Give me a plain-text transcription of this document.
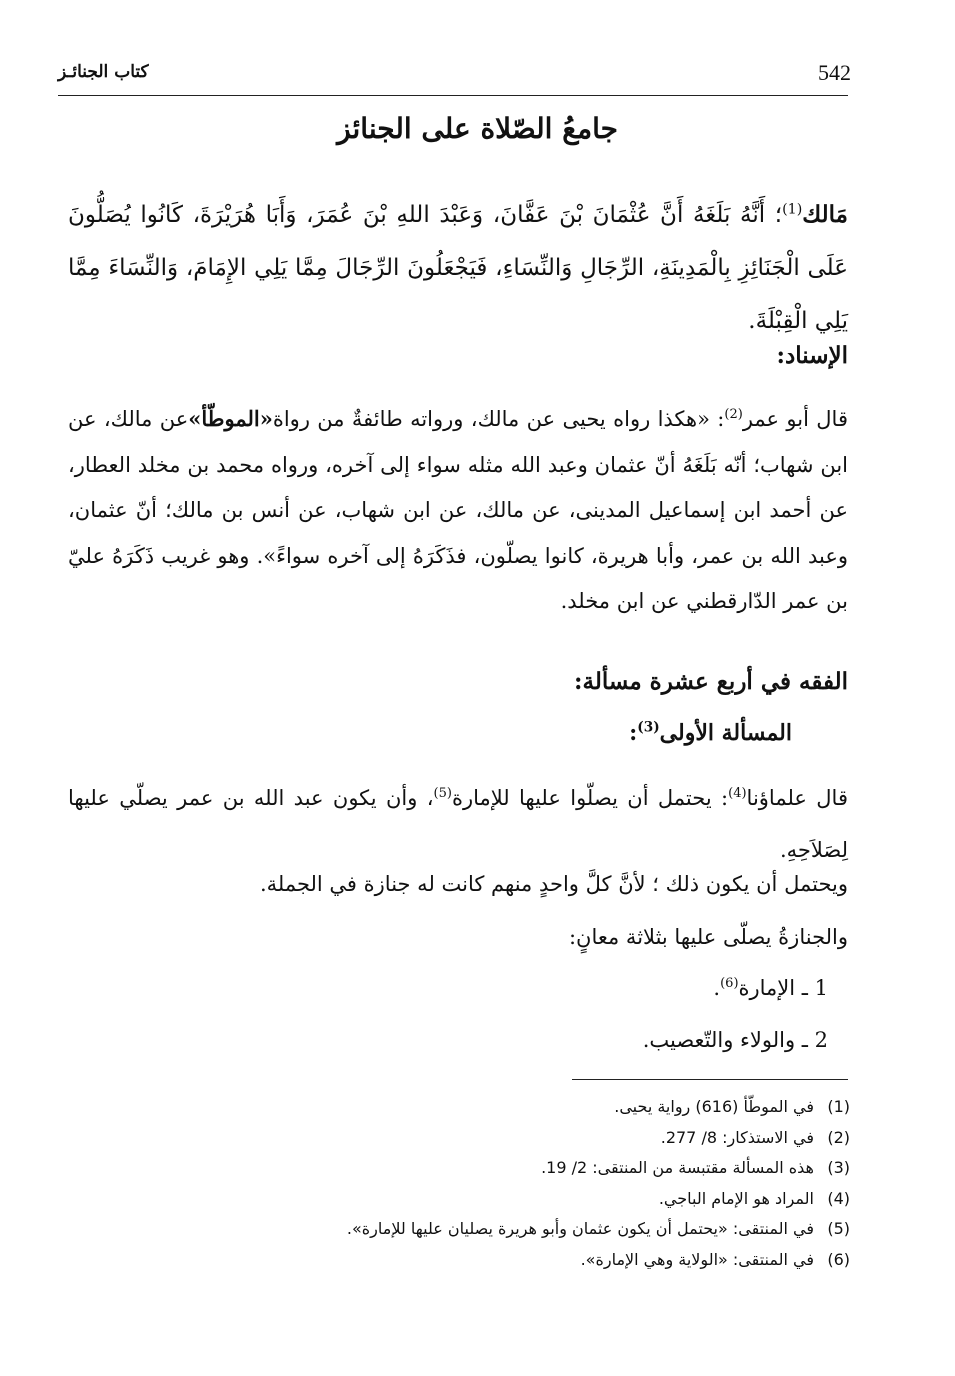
542
كتاب الجنائـز
جامعُ الصّلاة على الجنائز
مَالك$^{(1)}$؛ أَنَّهُ بَلَغَهُ أَنَّ عُثْمَانَ بْنَ عَفَّانَ، وَعَبْدَ اللهِ بْنَ عُمَرَ، وَأَبَا هُرَيْرَةَ، كَانُوا يُصَلُّونَ عَلَى الْجَنَائِزِ بِالْمَدِينَةِ، الرِّجَالِ وَالنِّسَاءِ، فَيَجْعَلُونَ الرِّجَالَ مِمَّا يَلِي الإِمَامَ، وَالنِّسَاءَ مِمَّا يَلِي الْقِبْلَةَ.
الإسناد:
قال أبو عمر$^{(2)}$: «هكذا رواه يحيى عن مالك، ورواته طائفةٌ من رواة«الموطّأ»عن مالك، عن ابن شهاب؛ أنّه بَلَغَهُ أنّ عثمان وعبد الله مثله سواء إلى آخره، ورواه محمد بن مخلد العطار، عن أحمد ابن إسماعيل المدينى، عن مالك، عن ابن شهاب، عن أنس بن مالك؛ أنّ عثمان، وعبد الله بن عمر، وأبا هريرة، كانوا يصلّون، فذَكَرَهُ إلى آخره سواءً». وهو غريب ذَكَرَهُ عليّ بن عمر الدّارقطني عن ابن مخلد.
الفقه في أربع عشرة مسألة:
المسألة الأولى$^{(3)}$:
قال علماؤنا$^{(4)}$: يحتمل أن يصلّوا عليها للإمارة$^{(5)}$، وأن يكون عبد الله بن عمر يصلّي عليها لِصَلاَحِهِ.
ويحتمل أن يكون ذلك ؛ لأنَّ كلَّ واحدٍ منهم كانت له جنازة في الجملة.
والجنازةُ يصلّى عليها بثلاثة معانٍ:
1 ـ الإمارة$^{(6)}$.
2 ـ والولاء والتّعصيب.
(1)في الموطّأ (616) رواية يحيى.
(2)في الاستذكار: 8/ 277.
(3)هذه المسألة مقتبسة من المنتقى: 2/ 19.
(4)المراد هو الإمام الباجي.
(5)في المنتقى: «يحتمل أن يكون عثمان وأبو هريرة يصليان عليها للإمارة».
(6)في المنتقى: «الولاية وهي الإمارة».
